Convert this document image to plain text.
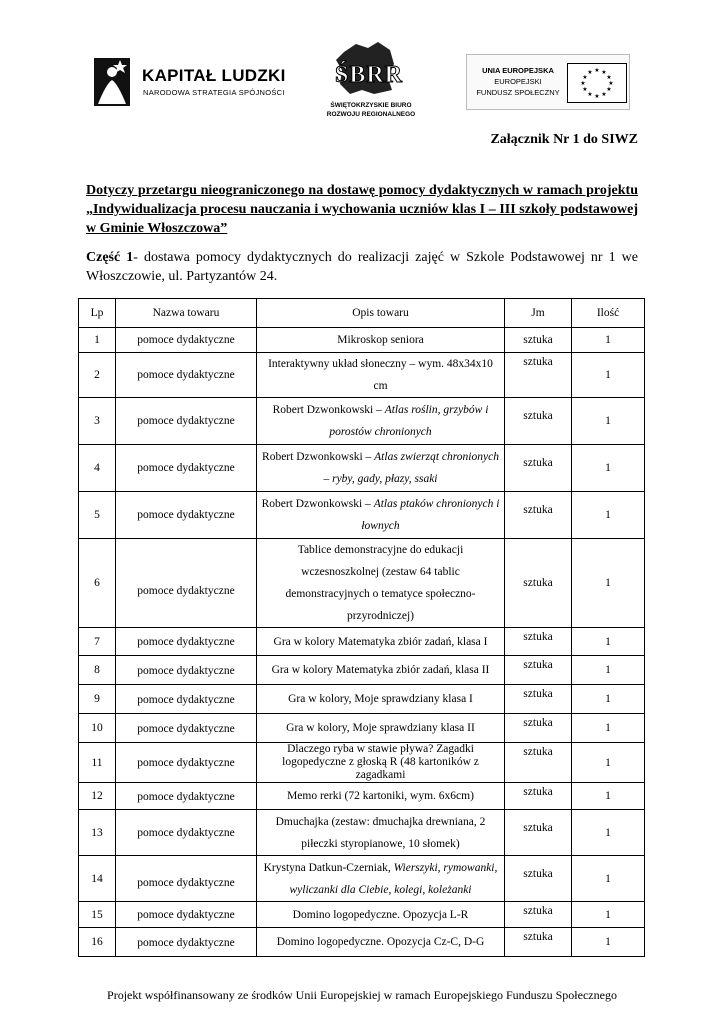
KAPITAŁ LUDZKI
NARODOWA STRATEGIA SPÓJNOŚCI
ŚBRR
ŚWIĘTOKRZYSKIE BIURO
ROZWOJU REGIONALNEGO
UNIA EUROPEJSKA
EUROPEJSKI
FUNDUSZ SPOŁECZNY
★ ★
★
★
★
★
★
★
★
★
★
★
Załącznik Nr 1 do SIWZ
Dotyczy przetargu nieograniczonego na dostawę pomocy dydaktycznych w ramach projektu „Indywidualizacja procesu nauczania i wychowania uczniów klas I – III szkoły podstawowej w Gminie Włoszczowa”
Część 1- dostawa pomocy dydaktycznych do realizacji zajęć w Szkole Podstawowej nr 1 we Włoszczowie, ul. Partyzantów 24.
Lp	Nazwa towaru	Opis towaru	Jm	Ilość
1	pomoce dydaktyczne	Mikroskop seniora	sztuka	1
2	pomoce dydaktyczne	Interaktywny układ słoneczny – wym. 48x34x10 cm	sztuka	1
3	pomoce dydaktyczne	Robert Dzwonkowski – Atlas roślin, grzybów i porostów chronionych	sztuka	1
4	pomoce dydaktyczne	Robert Dzwonkowski – Atlas zwierząt chronionych – ryby, gady, płazy, ssaki	sztuka	1
5	pomoce dydaktyczne	Robert Dzwonkowski – Atlas ptaków chronionych i łownych	sztuka	1
6	pomoce dydaktyczne	Tablice demonstracyjne do edukacji wczesnoszkolnej (zestaw 64 tablic demonstracyjnych o tematyce społeczno-przyrodniczej)	sztuka	1
7	pomoce dydaktyczne	Gra w kolory Matematyka zbiór zadań, klasa I	sztuka	1
8	pomoce dydaktyczne	Gra w kolory Matematyka zbiór zadań, klasa II	sztuka	1
9	pomoce dydaktyczne	Gra w kolory, Moje sprawdziany klasa I	sztuka	1
10	pomoce dydaktyczne	Gra w kolory, Moje sprawdziany klasa II	sztuka	1
11	pomoce dydaktyczne	Dlaczego ryba w stawie pływa? Zagadki logopedyczne z głoską R (48 kartoników z zagadkami	sztuka	1
12	pomoce dydaktyczne	Memo rerki (72 kartoniki, wym. 6x6cm)	sztuka	1
13	pomoce dydaktyczne	Dmuchajka (zestaw: dmuchajka drewniana, 2 piłeczki styropianowe, 10 słomek)	sztuka	1
14	pomoce dydaktyczne	Krystyna Datkun-Czerniak, Wierszyki, rymowanki, wyliczanki dla Ciebie, kolegi, koleżanki	sztuka	1
15	pomoce dydaktyczne	Domino logopedyczne. Opozycja L-R	sztuka	1
16	pomoce dydaktyczne	Domino logopedyczne. Opozycja Cz-C, D-G	sztuka	1
Projekt współfinansowany ze środków Unii Europejskiej w ramach Europejskiego Funduszu Społecznego
